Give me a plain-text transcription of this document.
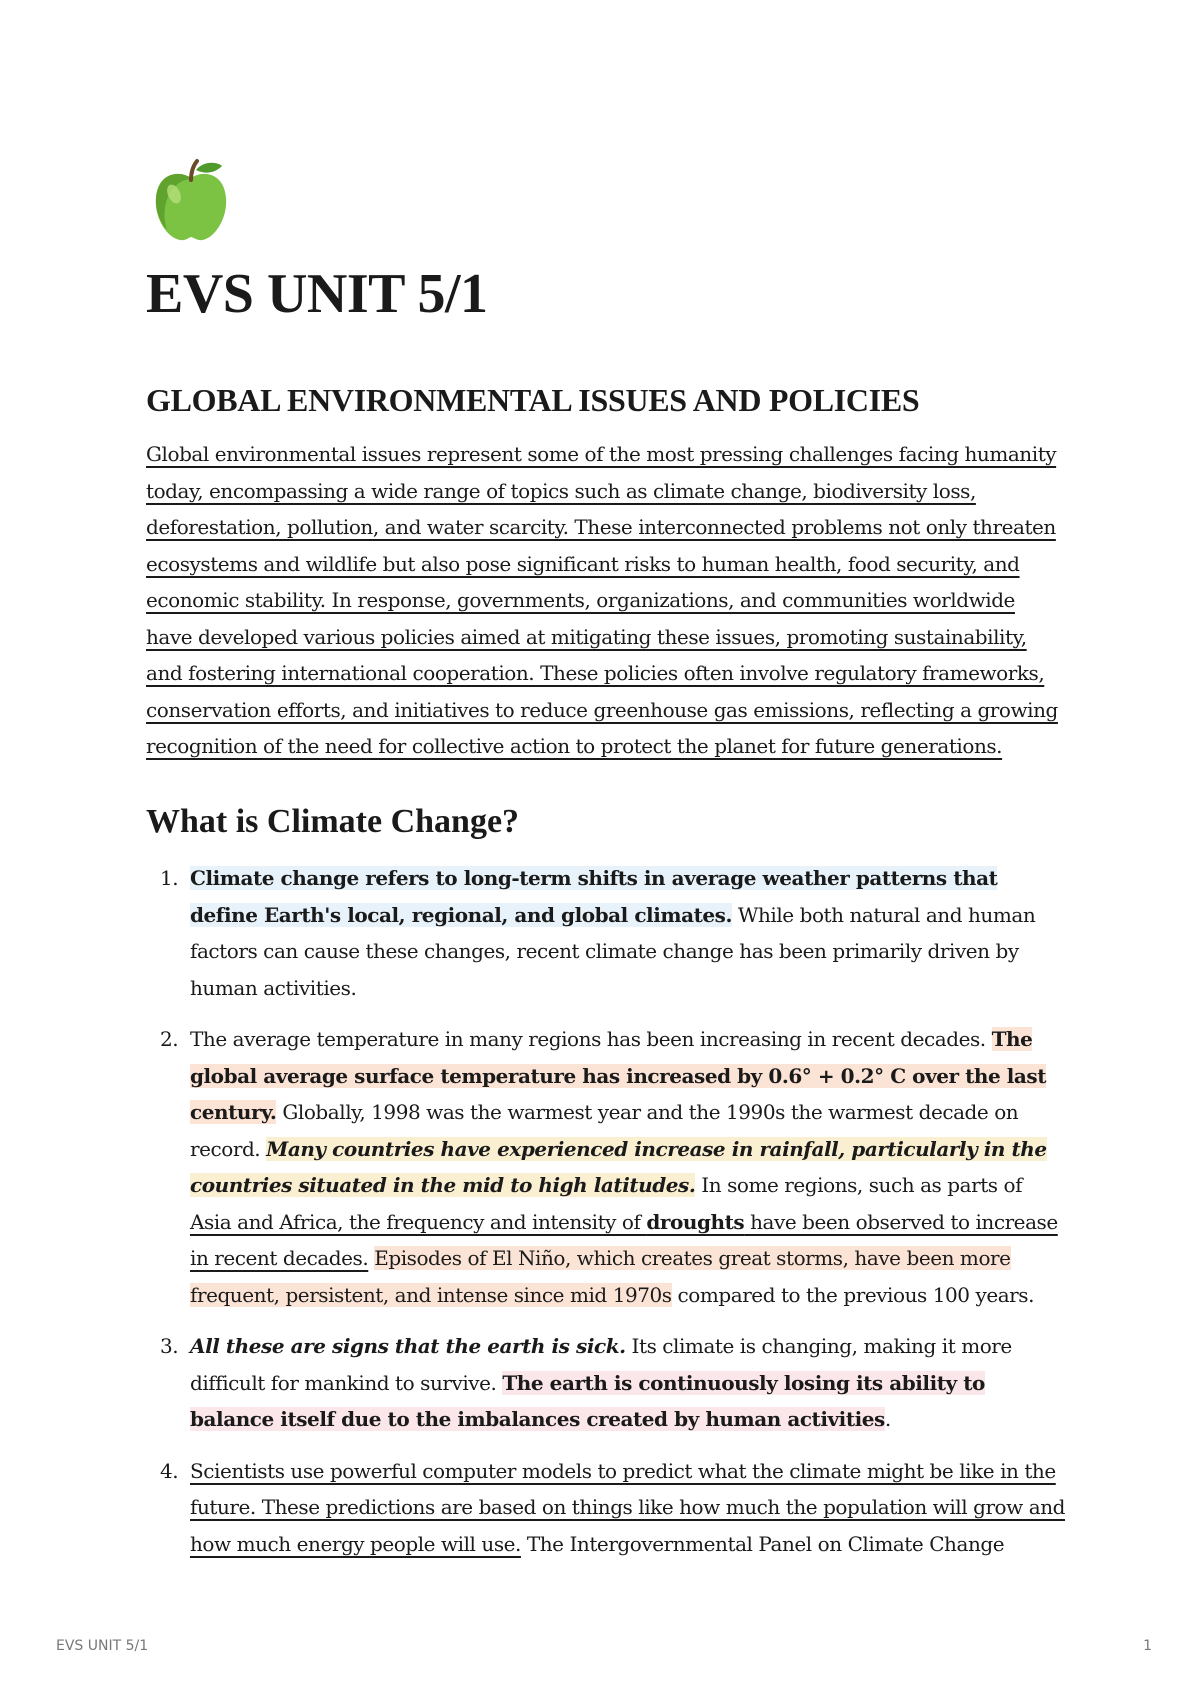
EVS UNIT 5/1
GLOBAL ENVIRONMENTAL ISSUES AND POLICIES

Global environmental issues represent some of the most pressing challenges facing humanity today, encompassing a wide range of topics such as climate change, biodiversity loss, deforestation, pollution, and water scarcity. These interconnected problems not only threaten ecosystems and wildlife but also pose significant risks to human health, food security, and economic stability. In response, governments, organizations, and communities worldwide have developed various policies aimed at mitigating these issues, promoting sustainability, and fostering international cooperation. These policies often involve regulatory frameworks, conservation efforts, and initiatives to reduce greenhouse gas emissions, reflecting a growing recognition of the need for collective action to protect the planet for future generations.

What is Climate Change?
1. Climate change refers to long-term shifts in average weather patterns that define Earth's local, regional, and global climates. While both natural and human factors can cause these changes, recent climate change has been primarily driven by human activities.
2. The average temperature in many regions has been increasing in recent decades. The global average surface temperature has increased by 0.6° + 0.2° C over the last century. Globally, 1998 was the warmest year and the 1990s the warmest decade on record. Many countries have experienced increase in rainfall, particularly in the countries situated in the mid to high latitudes. In some regions, such as parts of Asia and Africa, the frequency and intensity of droughts have been observed to increase in recent decades. Episodes of El Niño, which creates great storms, have been more frequent, persistent, and intense since mid 1970s compared to the previous 100 years.
3. All these are signs that the earth is sick. Its climate is changing, making it more difficult for mankind to survive. The earth is continuously losing its ability to balance itself due to the imbalances created by human activities.
4. Scientists use powerful computer models to predict what the climate might be like in the future. These predictions are based on things like how much the population will grow and how much energy people will use. The Intergovernmental Panel on Climate Change
EVS UNIT 5/1	1
